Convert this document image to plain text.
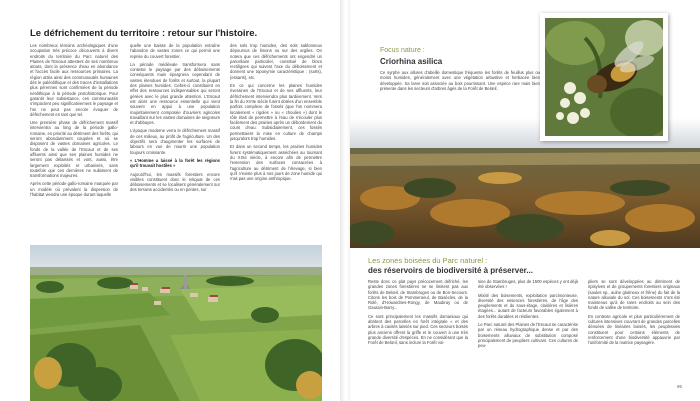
Le défrichement du territoire : retour sur l'histoire.

Les nombreux témoins archéologiques d'une occupation très précoce découverts à divers endroits du territoire du Parc naturel des Plaines de l'Escaut attestent de ses nombreux atouts, dont la présence d'eau en abondance et l'accès facile aux ressources primaires. La région attira ainsi des communautés humaines dès le paléolithique et des traces d'installations plus pérennes sont confirmées de la période néolithique à la période protohistorique. Pour garantir leur subsistance, ces communautés s'impactent peu significativement le paysage et l'on ne peut pas encore évoquer de défrichement en tant que tel.

Une première phase de défrichement massif intervientra au long de la période gallo-romaine, en priorité au détriment des forêts, qui seront abondamment coupées et où se disposent de vastes domaines agricoles. Le fonds de la vallée de l'Escaut et de ses affluents ainsi que ses plaines humides ne seront pas délaissés et vont, aussi, être largement exploités et urbanisés, sans toutefois que ces dernières ne subissent de transformations majeures.

Après cette période gallo-romaine marquée par un modèle où prévalent la dispersion de l'habitat viendra une époque durant laquelle

quelle une baisse de la population entraîne l'abandon de vastes zones ce qui permit une reprise du couvert forestier.

La période médiévale transformera sans conteste le paysage par des déboisements conséquents mais épargnera cependant de vastes étendues de forêts et surtout, la plupart des plaines humides. Celles-ci constituent en effet des ressources indispensables qui seront gérées avec le plus grande attention. L'Escaut est alors une ressource essentielle qui vient souvent en appui à une population majoritairement composée d'ouvriers agricoles travaillant sur les vastes domaines de seigneurs et d'abbayes.

L'époque moderne verra le défrichement massif de ces milieux, au profit de l'agriculture. Un des objectifs sera d'augmenter les surfaces de labours en vue de nourrir une population toujours croissante.

« L'Homme a laissé à la forêt les régions qu'il trouvait hostiles »

Aujourd'hui, les massifs forestiers encore visibles constituent donc le reliquat de ces déboisements et se localisent généralement sur des terrains accidentés ou en pentes, sur

des sols trop humides, des sols sablonneux dépourvus de limons ou sur des argiles. On notera que ces défrichements ont engendré un parcellaire particulier, constitué de blocs rectilignes qui suivent l'axe du déboisement et donnent une toponymie caractéristique : (sarts), (essarts), etc.

En ce qui concerne les plaines humides riveraines de l'Escaut et de ses affluents, leur défrichement interviendra plus tardivement. Vers la fin du XVIIe siècle furent dotées d'un ensemble parfois complexe de fossés (que l'on nommera localement « rigoles » ou « choulies ») dont le rôle était de permettre à l'eau de s'écouler plus facilement des prairies après un débordement du cours d'eau. Subsidiairement, ces fossés permettaient la mise en culture de champs jusqu'alors trop humides.

Et dans un second temps, les prairies humides furent systématiquement asséchées au tournant du XIXe siècle, à encore afin de permettre l'extension des surfaces consacrées à l'agriculture au détriment de l'élevage, si bien qu'il n'existe plus à nos jours de zone humide qui n'ait pas une origine anthropique.

Focus nature :
Criorhina asilica
Ce syrphe aux allures d'abeille domestique fréquente les forêts de feuillus plus ou moins humides, généralement avec une végétation arbustive et herbacée bien développée. Sa larve soit associée au bois pourrissant. Une espèce rare mais bien présente dans les secteurs d'arbres âgés de la Forêt de Belœil.
Les zones boisées du Parc naturel :
des réservoirs de biodiversité à préserver...

Reste donc ce plat pays précocement défriché, les grandes zones forestières ne se limitent pas aux forêts de Belœil, de Stambruges ou de Bon-Secours. Citons les bois de Pommeroeul, de Basècles, de la Rolé, d'Howardries-Rongy, de Maubray ou de Gaurain-Barry...

Ce sont principalement les massifs domaniaux qui abritent des parcelles en forêt intégrale « et des arbres à cavités laissés sur pied. Ces secteurs boisés plus anciens offrent la griffe et le couvert à une très grande diversité d'espèces. En ne considérant que la Forêt de Belœil, sans inclure la Forêt voi-

sine de Stambruges, plus de 1500 espèces y ont déjà été observées !

Mixité des boisements, exploitation parcimonieuse, diversité des essences forestières, de l'âge des peuplements et du sous-étage, clairières et lisières étagées... autant de facteurs favorables également à des forêts durables et résilientes.

Le Parc naturel des Plaines de l'Escaut se caractérise par un réseau hydrographique dense et par des boisements alluviaux de substitution composé principalement de peupliers cultivars. Ces cultures de peu-

pliers se sont développées au détriment de ripisylves et de groupements forestiers originaux (saules sp., aulne glutineux et frêne) du fait de la nature alluviale du sol. Ces boisements n'ont été maintenus qu'à de rares endroits au sein des fonds de vallée de territoire.

En contexte agricole et plus particulièrement de cultures intensives couvrant de grandes parcelles dénuées de linéaires boisés, les peupleraies constituent pour certains éléments de renforcement d'une biodiversité appauvrie par l'uniformité de la matrice paysagère.

95
